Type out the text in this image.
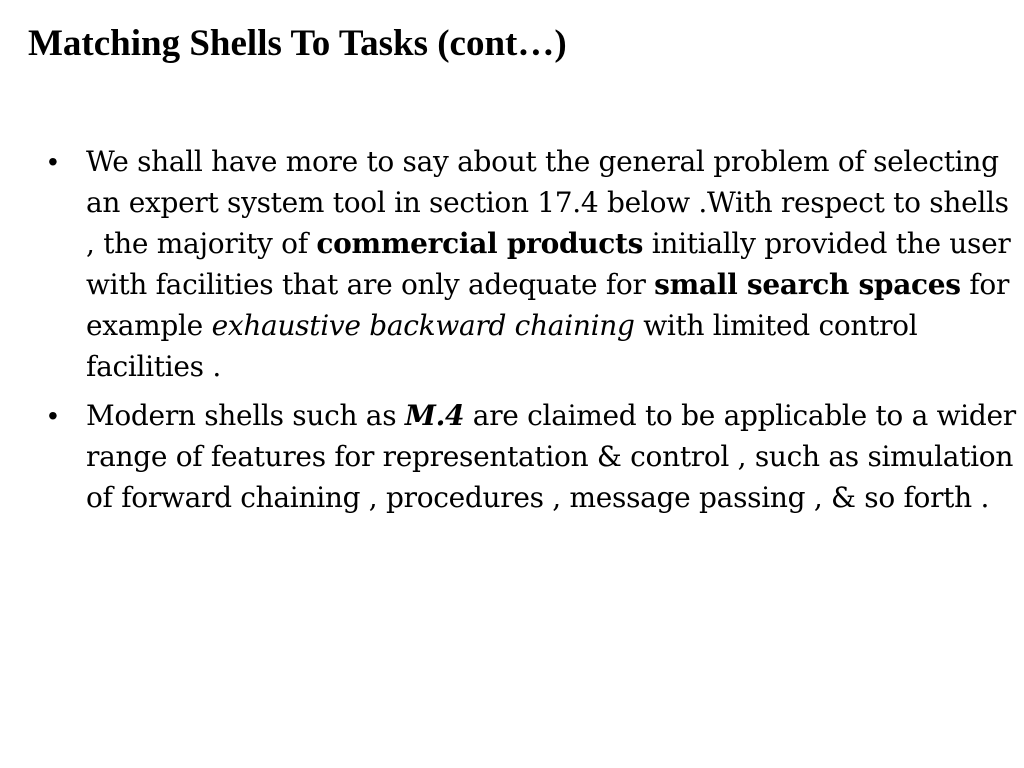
Matching Shells To Tasks (cont…)
•	We shall have more to say about the general problem of selecting an expert system tool in section 17.4 below .With respect to shells , the majority of commercial products initially provided the user with facilities that are only adequate for small search spaces for example exhaustive backward chaining with limited control facilities .
•	Modern shells such as M.4 are claimed to be applicable to a wider range of features for representation & control , such as simulation of forward chaining , procedures , message passing , & so forth .
